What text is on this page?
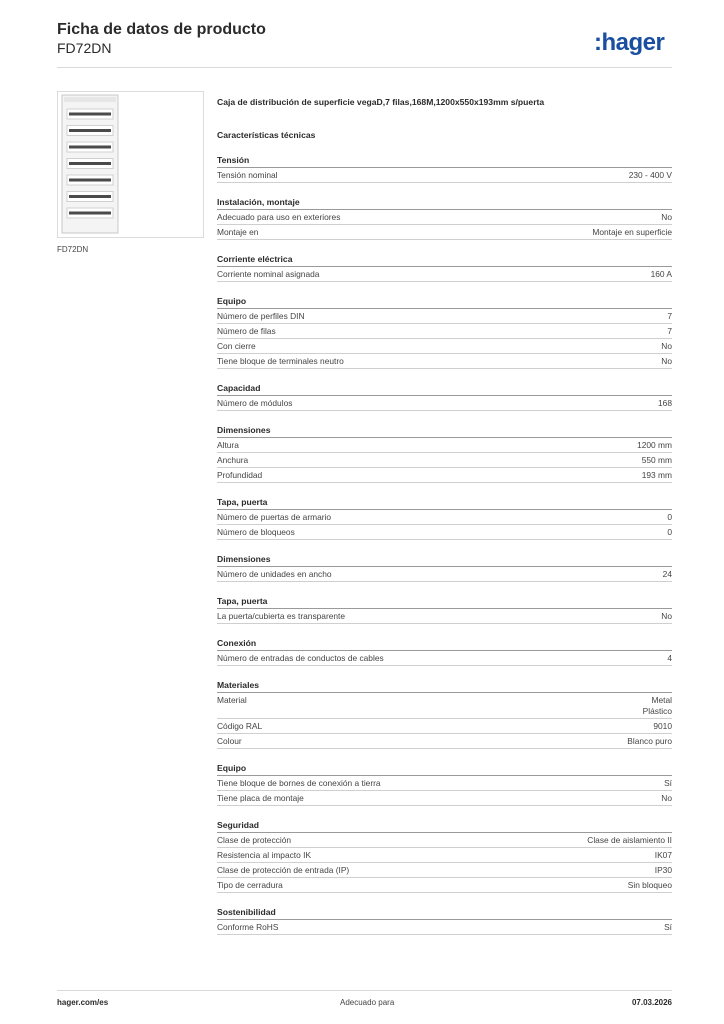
Ficha de datos de producto
FD72DN	:hager
FD72DN
Caja de distribución de superficie vegaD,7 filas,168M,1200x550x193mm s/puerta
Características técnicas
Tensión
Tensión nominal	230 - 400 V
Instalación, montaje
Adecuado para uso en exteriores	No
Montaje en	Montaje en superficie
Corriente eléctrica
Corriente nominal asignada	160 A
Equipo
Número de perfiles DIN	7
Número de filas	7
Con cierre	No
Tiene bloque de terminales neutro	No
Capacidad
Número de módulos	168
Dimensiones
Altura	1200 mm
Anchura	550 mm
Profundidad	193 mm
Tapa, puerta
Número de puertas de armario	0
Número de bloqueos	0
Dimensiones
Número de unidades en ancho	24
Tapa, puerta
La puerta/cubierta es transparente	No
Conexión
Número de entradas de conductos de cables	4
Materiales
Material	Metal
Plástico
Código RAL	9010
Colour	Blanco puro
Equipo
Tiene bloque de bornes de conexión a tierra	Sí
Tiene placa de montaje	No
Seguridad
Clase de protección	Clase de aislamiento II
Resistencia al impacto IK	IK07
Clase de protección de entrada (IP)	IP30
Tipo de cerradura	Sin bloqueo
Sostenibilidad
Conforme RoHS	Sí
hager.com/es	Adecuado para	07.03.2026
